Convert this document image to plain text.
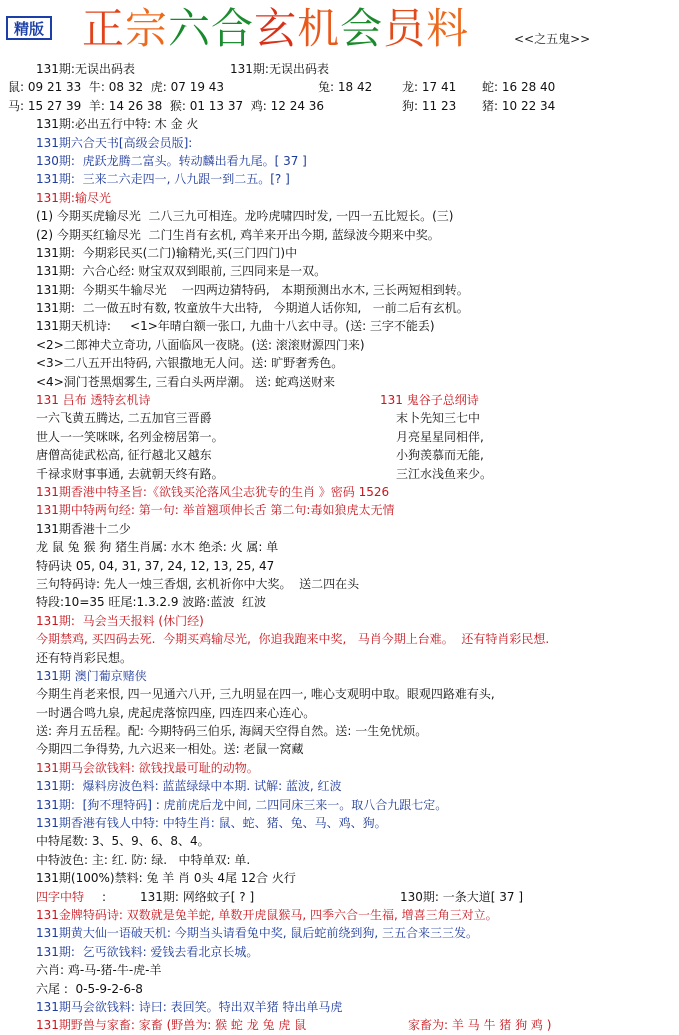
精版 正宗六合玄机会员料	<<之五鬼>>
131期:无误出码表	131期:无误出码表
鼠: 09 21 33  牛: 08 32  虎: 07 19 43	兔: 18 42 龙: 17 41 蛇: 16 28 40
马: 15 27 39  羊: 14 26 38  猴: 01 13 37  鸡: 12 24 36	狗: 11 23 猪: 10 22 34
131期:必出五行中特: 木 金 火
131期六合天书[高级会员版]:
130期:  虎跃龙腾二富头。转动麟出看九尾。[ 37 ]
131期:  三来二六走四一, 八九跟一到二五。[? ]
131期:输尽光
(1) 今期买虎输尽光  二八三九可相连。龙吟虎啸四时发, 一四一五比短长。(三)
(2) 今期买红输尽光  二门生肖有玄机, 鸡羊来开出今期, 蓝绿波今期来中奖。
131期:  今期彩民买(二门)输精光,买(三门四门)中
131期:  六合心经: 财宝双双到眼前, 三四同来是一双。
131期:  今期买牛输尽光    一四两边猜特码,   本期预测出水木, 三长两短相到转。
131期:  二一做五时有数, 牧童放牛大出特,   今期道人话你知,   一前二后有玄机。
131期天机诗:     <1>年晴白额一张口, 九曲十八玄中寻。(送: 三字不能丢)
<2>二郎神犬立奇功, 八面临风一夜晓。(送: 滚滚财源四门来)
<3>二八五开出特码, 六银撒地无人问。送: 旷野奢秀色。
<4>洞门苍黑烟雾生, 三看白头两岸潮。 送: 蛇鸡送财来
131 吕布 透特玄机诗	131 鬼谷子总纲诗
一六飞黄五腾达, 二五加官三晋爵	末卜先知三七中
世人一一笑咪咪, 名列金榜居第一。	月亮星星同相伴,
唐僧高徒武松高, 征行越北又越东	小狗羡慕而无能,
千禄求财事事通, 去就朝天终有路。	三江水浅鱼来少。
131期香港中特圣旨:《欲钱买沦落风尘志犹专的生肖 》密码 1526
131期中特两句经: 第一句: 举首翘项伸长舌 第二句:毒如狼虎太无情
131期香港十二少
龙 鼠 兔 猴 狗 猪生肖属: 水木 绝杀: 火 属: 单
特码诀 05, 04, 31, 37, 24, 12, 13, 25, 47
三句特码诗: 先人一烛三香烟, 玄机祈你中大奖。  送二四在头
特段:10=35 旺尾:1.3.2.9 波路:蓝波  红波
131期:  马会当天报料 (休门经)
今期禁鸡, 买四码去死.  今期买鸡输尽光,  你追我跑来中奖,   马肖今期上台难。  还有特肖彩民想.
还有特肖彩民想。
131期 澳门葡京赌侠
今期生肖老来恨, 四一见通六八开, 三九明显在四一, 唯心支观明中取。眼观四路难有头,
一时遇合鸣九泉, 虎起虎落惊四座, 四连四来心连心。
送: 奔月五岳程。配: 今期特码三伯乐, 海阔天空得自然。送: 一生免忧烦。
今期四二争得势, 九六迟来一相处。送: 老鼠一窝藏
131期马会欲钱料: 欲钱找最可耻的动物。
131期:  爆料房波色料: 蓝蓝绿绿中本期. 试解: 蓝波, 红波
131期:  [狗不理特码] : 虎前虎后龙中间, 二四同床三来一。取八合九跟七定。
131期香港有钱人中特: 中特生肖: 鼠、蛇、猪、兔、马、鸡、狗。
中特尾数: 3、5、9、6、8、4。
中特波色: 主: 红. 防: 绿.   中特单双: 单.
131期(100%)禁料: 兔 羊 肖 0头 4尾 12合 火行
四字中特 :	131期: 网络蚊子[ ? ]	130期: 一条大道[ 37 ]
131金牌特码诗: 双数就是兔羊蛇, 单数开虎鼠猴马, 四季六合一生福, 增喜三角三对立。
131期黄大仙一语破天机: 今期当头请看兔中奖, 鼠后蛇前绕到狗, 三五合来三三发。
131期:  乞丐欲钱料: 爱钱去看北京长城。
六肖: 鸡-马-猪-牛-虎-羊
六尾 :  0-5-9-2-6-8
131期马会欲钱料: 诗曰: 表回笑。特出双羊猪 特出单马虎
131期野兽与家畜: 家畜 (野兽为: 猴 蛇 龙 兔 虎 鼠	家畜为: 羊 马 牛 猪 狗 鸡 )
